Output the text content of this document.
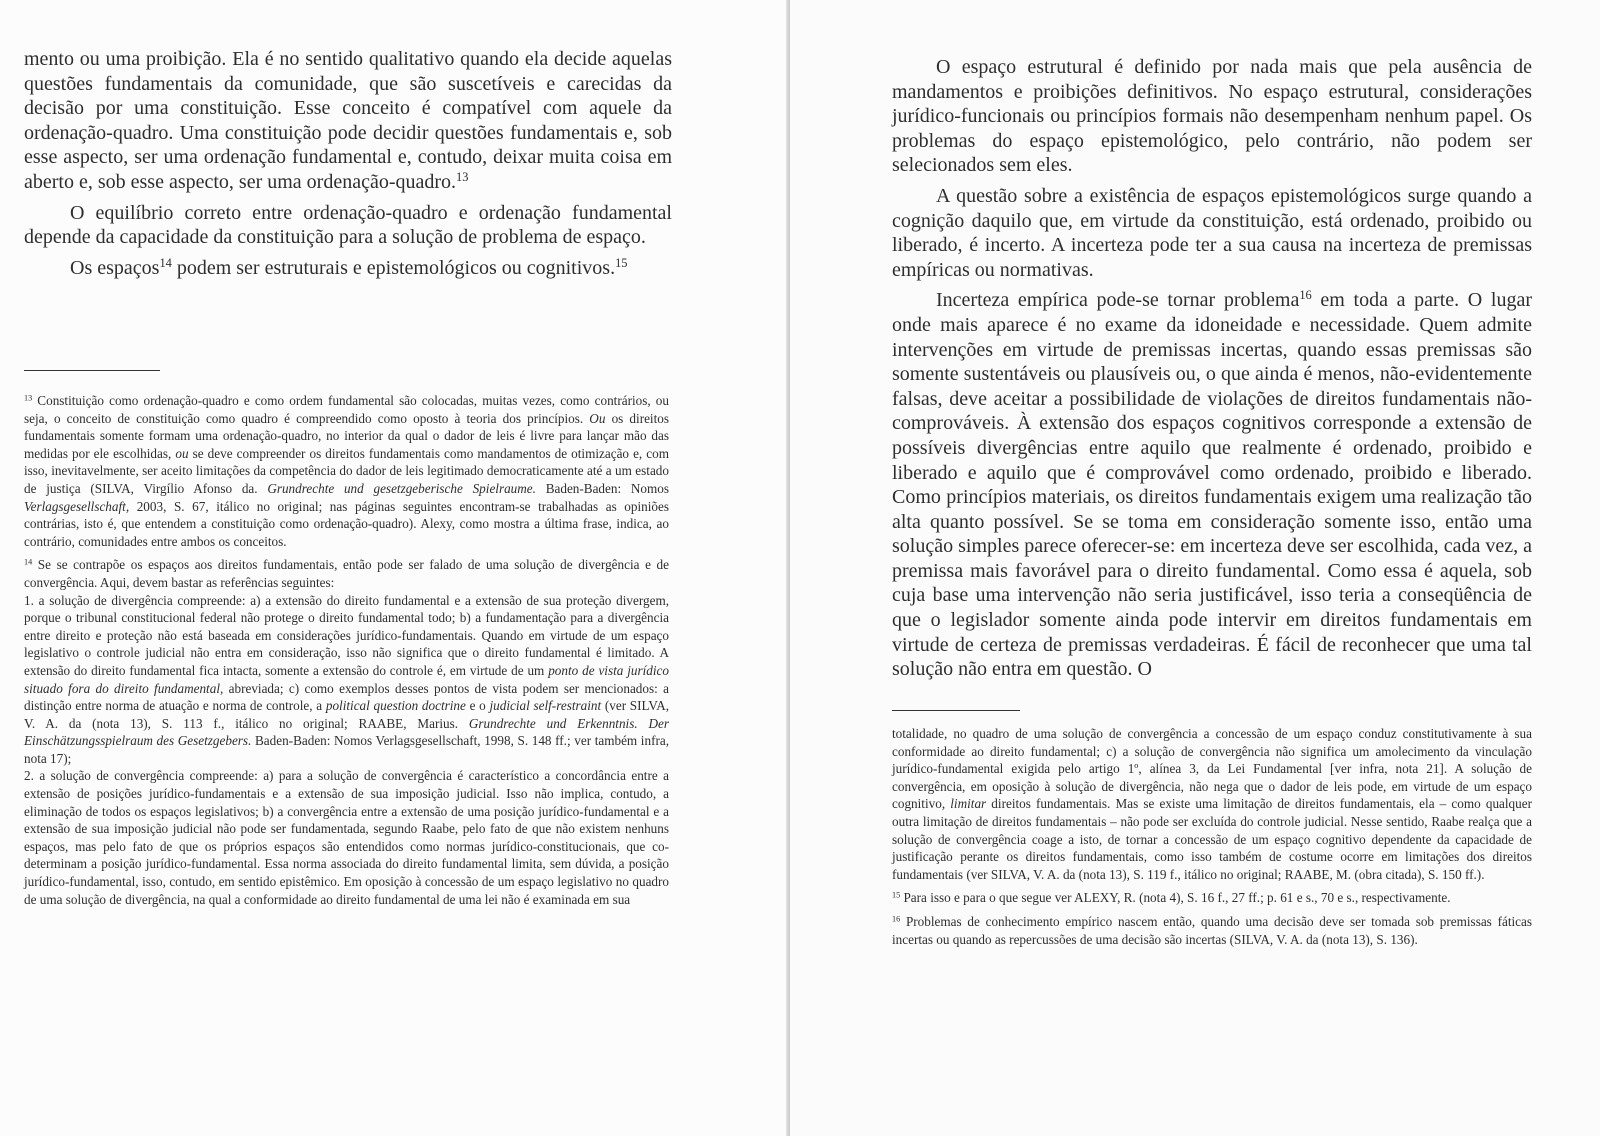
mento ou uma proibição. Ela é no sentido qualitativo quando ela decide aquelas questões fundamentais da comunidade, que são suscetíveis e carecidas da decisão por uma constituição. Esse conceito é compatível com aquele da ordenação-quadro. Uma constituição pode decidir questões fundamentais e, sob esse aspecto, ser uma ordenação fundamental e, contudo, deixar muita coisa em aberto e, sob esse aspecto, ser uma ordenação-quadro.$^{13}$

O equilíbrio correto entre ordenação-quadro e ordenação fundamental depende da capacidade da constituição para a solução de problema de espaço.

Os espaços$^{14}$ podem ser estruturais e epistemológicos ou cognitivos.$^{15}$

$^{13}$ Constituição como ordenação-quadro e como ordem fundamental são colocadas, muitas vezes, como contrários, ou seja, o conceito de constituição como quadro é compreendido como oposto à teoria dos princípios. Ou os direitos fundamentais somente formam uma ordenação-quadro, no interior da qual o dador de leis é livre para lançar mão das medidas por ele escolhidas, ou se deve compreender os direitos fundamentais como mandamentos de otimização e, com isso, inevitavelmente, ser aceito limitações da competência do dador de leis legitimado democraticamente até a um estado de justiça (SILVA, Virgílio Afonso da. Grundrechte und gesetzgeberische Spielraume. Baden-Baden: Nomos Verlagsgesellschaft, 2003, S. 67, itálico no original; nas páginas seguintes encontram-se trabalhadas as opiniões contrárias, isto é, que entendem a constituição como ordenação-quadro). Alexy, como mostra a última frase, indica, ao contrário, comunidades entre ambos os conceitos.

$^{14}$ Se se contrapõe os espaços aos direitos fundamentais, então pode ser falado de uma solução de divergência e de convergência. Aqui, devem bastar as referências seguintes:

1. a solução de divergência compreende: a) a extensão do direito fundamental e a extensão de sua proteção divergem, porque o tribunal constitucional federal não protege o direito fundamental todo; b) a fundamentação para a divergência entre direito e proteção não está baseada em considerações jurídico-fundamentais. Quando em virtude de um espaço legislativo o controle judicial não entra em consideração, isso não significa que o direito fundamental é limitado. A extensão do direito fundamental fica intacta, somente a extensão do controle é, em virtude de um ponto de vista jurídico situado fora do direito fundamental, abreviada; c) como exemplos desses pontos de vista podem ser mencionados: a distinção entre norma de atuação e norma de controle, a political question doctrine e o judicial self-restraint (ver SILVA, V. A. da (nota 13), S. 113 f., itálico no original; RAABE, Marius. Grundrechte und Erkenntnis. Der Einschätzungsspielraum des Gesetzgebers. Baden-Baden: Nomos Verlagsgesellschaft, 1998, S. 148 ff.; ver também infra, nota 17);

2. a solução de convergência compreende: a) para a solução de convergência é característico a concordância entre a extensão de posições jurídico-fundamentais e a extensão de sua imposição judicial. Isso não implica, contudo, a eliminação de todos os espaços legislativos; b) a convergência entre a extensão de uma posição jurídico-fundamental e a extensão de sua imposição judicial não pode ser fundamentada, segundo Raabe, pelo fato de que não existem nenhuns espaços, mas pelo fato de que os próprios espaços são entendidos como normas jurídico-constitucionais, que co-determinam a posição jurídico-fundamental. Essa norma associada do direito fundamental limita, sem dúvida, a posição jurídico-fundamental, isso, contudo, em sentido epistêmico. Em oposição à concessão de um espaço legislativo no quadro de uma solução de divergência, na qual a conformidade ao direito fundamental de uma lei não é examinada em sua

O espaço estrutural é definido por nada mais que pela ausência de mandamentos e proibições definitivos. No espaço estrutural, considerações jurídico-funcionais ou princípios formais não desempenham nenhum papel. Os problemas do espaço epistemológico, pelo contrário, não podem ser selecionados sem eles.

A questão sobre a existência de espaços epistemológicos surge quando a cognição daquilo que, em virtude da constituição, está ordenado, proibido ou liberado, é incerto. A incerteza pode ter a sua causa na incerteza de premissas empíricas ou normativas.

Incerteza empírica pode-se tornar problema$^{16}$ em toda a parte. O lugar onde mais aparece é no exame da idoneidade e necessidade. Quem admite intervenções em virtude de premissas incertas, quando essas premissas são somente sustentáveis ou plausíveis ou, o que ainda é menos, não-evidentemente falsas, deve aceitar a possibilidade de violações de direitos fundamentais não-comprováveis. À extensão dos espaços cognitivos corresponde a extensão de possíveis divergências entre aquilo que realmente é ordenado, proibido e liberado e aquilo que é comprovável como ordenado, proibido e liberado. Como princípios materiais, os direitos fundamentais exigem uma realização tão alta quanto possível. Se se toma em consideração somente isso, então uma solução simples parece oferecer-se: em incerteza deve ser escolhida, cada vez, a premissa mais favorável para o direito fundamental. Como essa é aquela, sob cuja base uma intervenção não seria justificável, isso teria a conseqüência de que o legislador somente ainda pode intervir em direitos fundamentais em virtude de certeza de premissas verdadeiras. É fácil de reconhecer que uma tal solução não entra em questão. O

totalidade, no quadro de uma solução de convergência a concessão de um espaço conduz constitutivamente à sua conformidade ao direito fundamental; c) a solução de convergência não significa um amolecimento da vinculação jurídico-fundamental exigida pelo artigo 1º, alínea 3, da Lei Fundamental [ver infra, nota 21]. A solução de convergência, em oposição à solução de divergência, não nega que o dador de leis pode, em virtude de um espaço cognitivo, limitar direitos fundamentais. Mas se existe uma limitação de direitos fundamentais, ela – como qualquer outra limitação de direitos fundamentais – não pode ser excluída do controle judicial. Nesse sentido, Raabe realça que a solução de convergência coage a isto, de tornar a concessão de um espaço cognitivo dependente da capacidade de justificação perante os direitos fundamentais, como isso também de costume ocorre em limitações dos direitos fundamentais (ver SILVA, V. A. da (nota 13), S. 119 f., itálico no original; RAABE, M. (obra citada), S. 150 ff.).

$^{15}$ Para isso e para o que segue ver ALEXY, R. (nota 4), S. 16 f., 27 ff.; p. 61 e s., 70 e s., respectivamente.

$^{16}$ Problemas de conhecimento empírico nascem então, quando uma decisão deve ser tomada sob premissas fáticas incertas ou quando as repercussões de uma decisão são incertas (SILVA, V. A. da (nota 13), S. 136).
